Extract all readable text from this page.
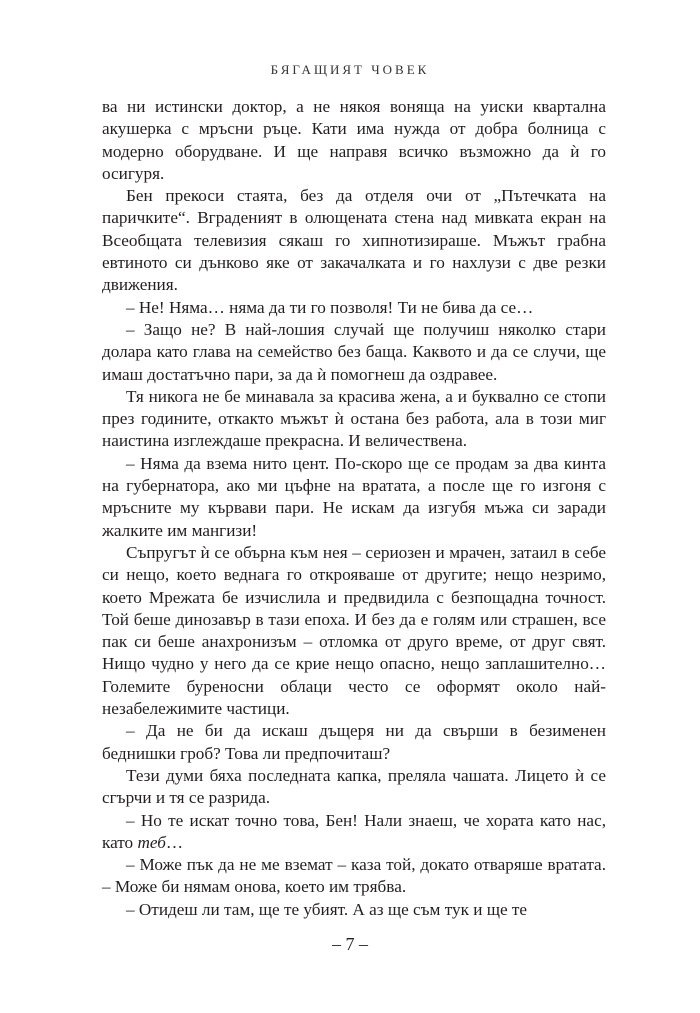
БЯГАЩИЯТ ЧОВЕК

ва ни истински доктор, а не някоя воняща на уиски квартална акушерка с мръсни ръце. Кати има нужда от добра болница с модерно оборудване. И ще направя всичко възможно да ѝ го осигуря.

Бен прекоси стаята, без да отделя очи от „Пътечката на паричките“. Вграденият в олющената стена над мивката екран на Всеобщата телевизия сякаш го хипнотизираше. Мъжът грабна евтиното си дънково яке от закачалката и го нахлузи с две резки движения.

– Не! Няма… няма да ти го позволя! Ти не бива да се…

– Защо не? В най-лошия случай ще получиш няколко стари долара като глава на семейство без баща. Каквото и да се случи, ще имаш достатъчно пари, за да ѝ помогнеш да оздравее.

Тя никога не бе минавала за красива жена, а и буквално се стопи през годините, откакто мъжът ѝ остана без работа, ала в този миг наистина изглеждаше прекрасна. И величествена.

– Няма да взема нито цент. По-скоро ще се продам за два кинта на губернатора, ако ми цъфне на вратата, а после ще го изгоня с мръсните му кървави пари. Не искам да изгубя мъжа си заради жалките им мангизи!

Съпругът ѝ се обърна към нея – сериозен и мрачен, затаил в себе си нещо, което веднага го открояваше от другите; нещо незримо, което Мрежата бе изчислила и предвидила с безпощадна точност. Той беше динозавър в тази епоха. И без да е голям или страшен, все пак си беше анахронизъм – отломка от друго време, от друг свят. Нищо чудно у него да се крие нещо опасно, нещо заплашително… Големите буреносни облаци често се оформят около най-незабележимите частици.

– Да не би да искаш дъщеря ни да свърши в безименен беднишки гроб? Това ли предпочиташ?

Тези думи бяха последната капка, преляла чашата. Лицето ѝ се сгърчи и тя се разрида.

– Но те искат точно това, Бен! Нали знаеш, че хората като нас, като теб…

– Може пък да не ме вземат – каза той, докато отваряше вратата. – Може би нямам онова, което им трябва.

– Отидеш ли там, ще те убият. А аз ще съм тук и ще те

– 7 –
